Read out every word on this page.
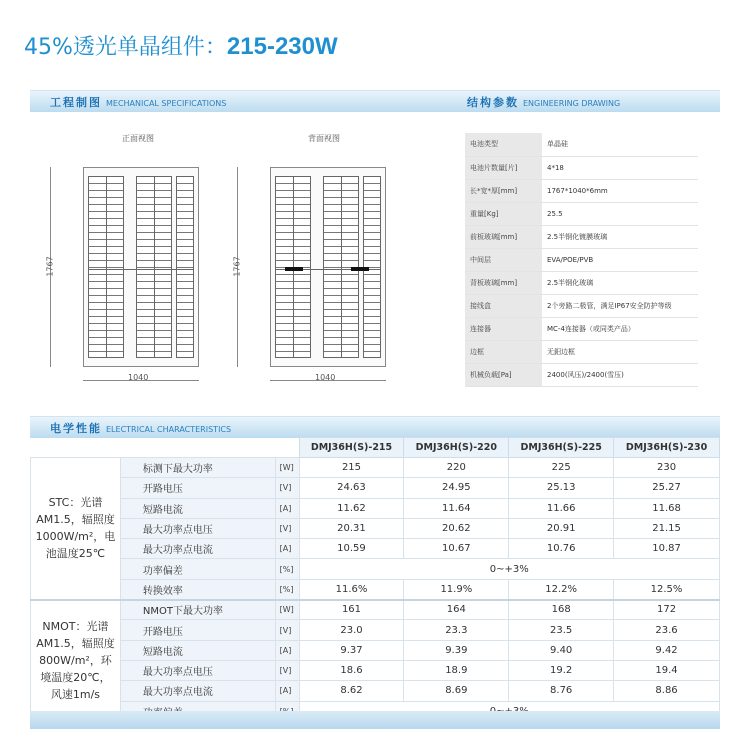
45%透光单晶组件：215-230W
工程制图 MECHANICAL SPECIFICATIONS	结构参数 ENGINEERING DRAWING
正面视图
1767
1040
背面视图
1767
1040
电池类型	单晶硅
电池片数量[片]	4*18
长*宽*厚[mm]	1767*1040*6mm
重量[Kg]	25.5
前板玻璃[mm]	2.5半钢化镀膜玻璃
中间层	EVA/POE/PVB
背板玻璃[mm]	2.5半钢化玻璃
接线盒	2个旁路二极管，满足IP67安全防护等级
连接器	MC-4连接器（或同类产品）
边框	无鈤边框
机械负载[Pa]	2400(风压)/2400(雪压)
电学性能 ELECTRICAL CHARACTERISTICS
			DMJ36H(S)-215	DMJ36H(S)-220	DMJ36H(S)-225	DMJ36H(S)-230
STC：光谱AM1.5，辐照度1000W/m²，电池温度25℃	标测下最大功率	[W]	215	220	225	230
	开路电压	[V]	24.63	24.95	25.13	25.27
	短路电流	[A]	11.62	11.64	11.66	11.68
	最大功率点电压	[V]	20.31	20.62	20.91	21.15
	最大功率点电流	[A]	10.59	10.67	10.76	10.87
	功率偏差	[%]	0~+3%			
	转换效率	[%]	11.6%	11.9%	12.2%	12.5%
NMOT：光谱AM1.5，辐照度800W/m²，环境温度20℃，风速1m/s	NMOT下最大功率	[W]	161	164	168	172
	开路电压	[V]	23.0	23.3	23.5	23.6
	短路电流	[A]	9.37	9.39	9.40	9.42
	最大功率点电压	[V]	18.6	18.9	19.2	19.4
	最大功率点电流	[A]	8.62	8.69	8.76	8.86
